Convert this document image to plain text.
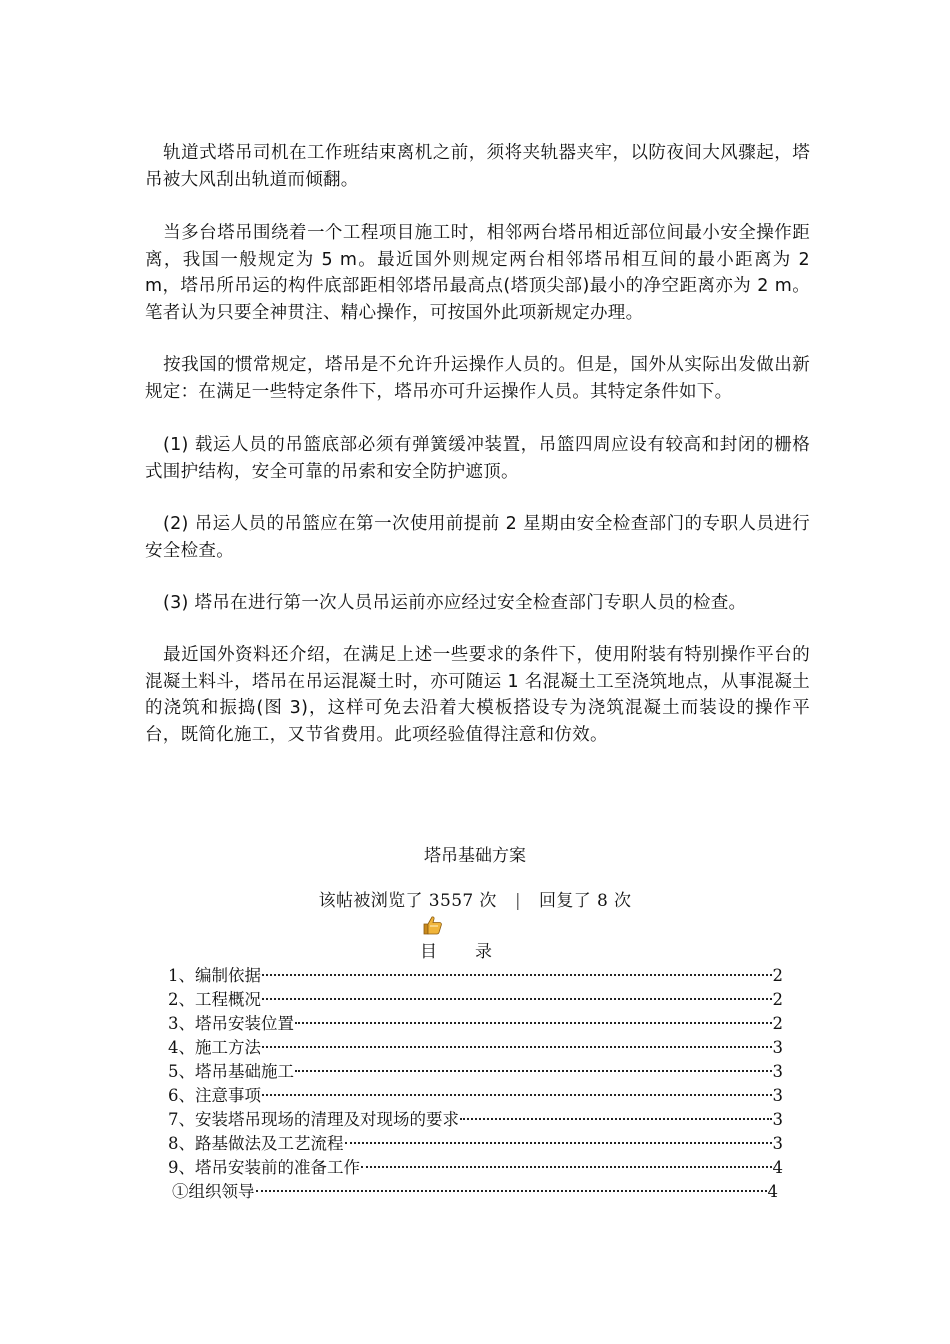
轨道式塔吊司机在工作班结束离机之前，须将夹轨器夹牢，以防夜间大风骤起，塔吊被大风刮出轨道而倾翻。

当多台塔吊围绕着一个工程项目施工时，相邻两台塔吊相近部位间最小安全操作距离，我国一般规定为 5 m。最近国外则规定两台相邻塔吊相互间的最小距离为 2 m，塔吊所吊运的构件底部距相邻塔吊最高点(塔顶尖部)最小的净空距离亦为 2 m。笔者认为只要全神贯注、精心操作，可按国外此项新规定办理。

按我国的惯常规定，塔吊是不允许升运操作人员的。但是，国外从实际出发做出新规定：在满足一些特定条件下，塔吊亦可升运操作人员。其特定条件如下。

(1) 载运人员的吊篮底部必须有弹簧缓冲装置，吊篮四周应设有较高和封闭的栅格式围护结构，安全可靠的吊索和安全防护遮顶。

(2) 吊运人员的吊篮应在第一次使用前提前 2 星期由安全检查部门的专职人员进行安全检查。

(3) 塔吊在进行第一次人员吊运前亦应经过安全检查部门专职人员的检查。

最近国外资料还介绍，在满足上述一些要求的条件下，使用附装有特别操作平台的混凝土料斗，塔吊在吊运混凝土时，亦可随运 1 名混凝土工至浇筑地点，从事混凝土的浇筑和振捣(图 3)，这样可免去沿着大模板搭设专为浇筑混凝土而装设的操作平台，既简化施工，又节省费用。此项经验值得注意和仿效。

塔吊基础方案

该帖被浏览了 3557 次 | 回复了 8 次

目录
1、编制依据	2
2、工程概况	2
3、塔吊安装位置	2
4、施工方法	3
5、塔吊基础施工	3
6、注意事项	3
7、安装塔吊现场的清理及对现场的要求	3
8、路基做法及工艺流程	3
9、塔吊安装前的准备工作	4
①组织领导	4
